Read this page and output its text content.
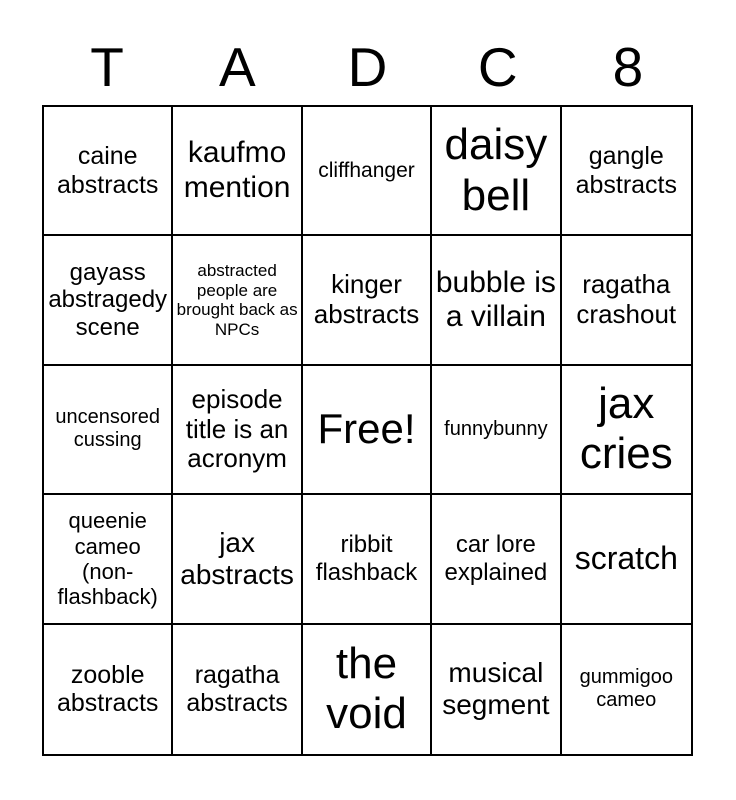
T A D C 8
caine abstracts
kaufmo mention
cliffhanger
daisy bell
gangle abstracts
gayass abstragedy scene
abstracted people are brought back as NPCs
kinger abstracts
bubble is a villain
ragatha crashout
uncensored cussing
episode title is an acronym
Free!	funnybunny
jax cries
queenie cameo (non-flashback)
jax abstracts
ribbit flashback
car lore explained scratch
zooble abstracts
ragatha abstracts
the void
musical segment
gummigoo cameo
